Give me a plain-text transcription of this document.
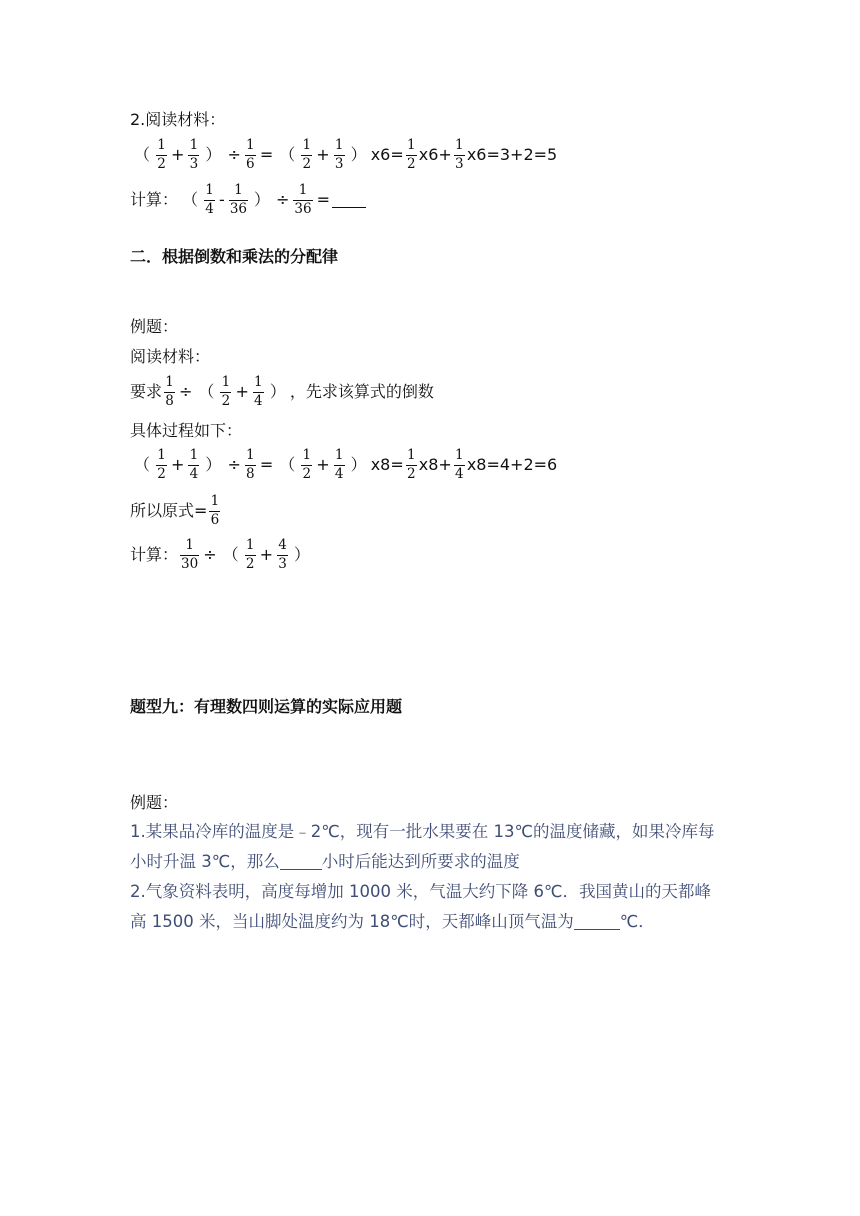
2.阅读材料：
（ $\frac{1}{2} + \frac{1}{3}$ ） ÷ $\frac{1}{6}$ = （ $\frac{1}{2} + \frac{1}{3}$ ） $x6= \frac{1}{2} x6+ \frac{1}{3} x6=3+2=5$
计算： （ $\frac{1}{4} - \frac{1}{36}$ ） ÷ $\frac{1}{36}$ =
二．根据倒数和乘法的分配律
例题：
阅读材料：
要求 $\frac{1}{8}$ ÷ （ $\frac{1}{2} + \frac{1}{4}$ ） ，先求该算式的倒数
具体过程如下：
（ $\frac{1}{2} + \frac{1}{4}$ ） ÷ $\frac{1}{8}$ = （ $\frac{1}{2} + \frac{1}{4}$ ） $x8= \frac{1}{2} x8+ \frac{1}{4} x8=4+2=6$
所以原式= $\frac{1}{6}$
计算： $\frac{1}{30}$ ÷ （ $\frac{1}{2} + \frac{4}{3}$ ）
题型九：有理数四则运算的实际应用题
例题：
1.某果品冷库的温度是﹣2℃，现有一批水果要在 13℃的温度储藏，如果冷库每
小时升温 3℃，那么	小时后能达到所要求的温度
2.气象资料表明，高度每增加 1000 米，气温大约下降 6℃．我国黄山的天都峰
高 1500 米，当山脚处温度约为 18℃时，天都峰山顶气温为	℃．
